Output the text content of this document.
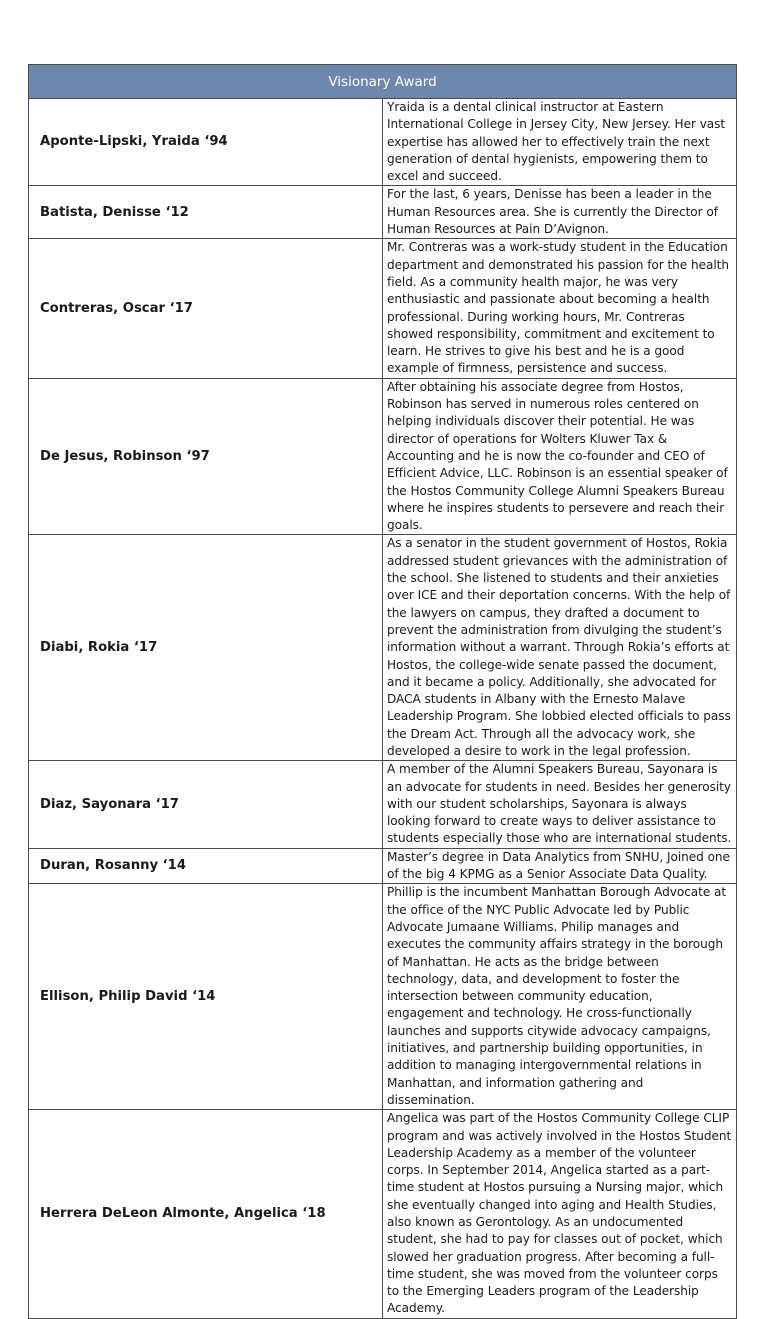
Visionary Award	
Aponte-Lipski, Yraida ‘94	Yraida is a dental clinical instructor at Eastern International College in Jersey City, New Jersey. Her vast expertise has allowed her to effectively train the next generation of dental hygienists, empowering them to excel and succeed.
Batista, Denisse ‘12	For the last, 6 years, Denisse has been a leader in the Human Resources area. She is currently the Director of Human Resources at Pain D’Avignon.
Contreras, Oscar ‘17	Mr. Contreras was a work-study student in the Education department and demonstrated his passion for the health field. As a community health major, he was very enthusiastic and passionate about becoming a health professional. During working hours, Mr. Contreras showed responsibility, commitment and excitement to learn. He strives to give his best and he is a good example of firmness, persistence and success.
De Jesus, Robinson ‘97	After obtaining his associate degree from Hostos, Robinson has served in numerous roles centered on helping individuals discover their potential. He was director of operations for Wolters Kluwer Tax & Accounting and he is now the co-founder and CEO of Efficient Advice, LLC. Robinson is an essential speaker of the Hostos Community College Alumni Speakers Bureau where he inspires students to persevere and reach their goals.
Diabi, Rokia ‘17	As a senator in the student government of Hostos, Rokia addressed student grievances with the administration of the school. She listened to students and their anxieties over ICE and their deportation concerns. With the help of the lawyers on campus, they drafted a document to prevent the administration from divulging the student’s information without a warrant. Through Rokia’s efforts at Hostos, the college-wide senate passed the document, and it became a policy. Additionally, she advocated for DACA students in Albany with the Ernesto Malave Leadership Program. She lobbied elected officials to pass the Dream Act. Through all the advocacy work, she developed a desire to work in the legal profession.
Diaz, Sayonara ‘17	A member of the Alumni Speakers Bureau, Sayonara is an advocate for students in need. Besides her generosity with our student scholarships, Sayonara is always looking forward to create ways to deliver assistance to students especially those who are international students.
Duran, Rosanny ‘14	Master’s degree in Data Analytics from SNHU, Joined one of the big 4 KPMG as a Senior Associate Data Quality.
Ellison, Philip David ‘14	Phillip is the incumbent Manhattan Borough Advocate at the office of the NYC Public Advocate led by Public Advocate Jumaane Williams. Philip manages and executes the community affairs strategy in the borough of Manhattan. He acts as the bridge between technology, data, and development to foster the intersection between community education, engagement and technology. He cross-functionally launches and supports citywide advocacy campaigns, initiatives, and partnership building opportunities, in addition to managing intergovernmental relations in Manhattan, and information gathering and dissemination.
Herrera DeLeon Almonte, Angelica ‘18	Angelica was part of the Hostos Community College CLIP program and was actively involved in the Hostos Student Leadership Academy as a member of the volunteer corps. In September 2014, Angelica started as a part-time student at Hostos pursuing a Nursing major, which she eventually changed into aging and Health Studies, also known as Gerontology. As an undocumented student, she had to pay for classes out of pocket, which slowed her graduation progress. After becoming a full-time student, she was moved from the volunteer corps to the Emerging Leaders program of the Leadership Academy.
